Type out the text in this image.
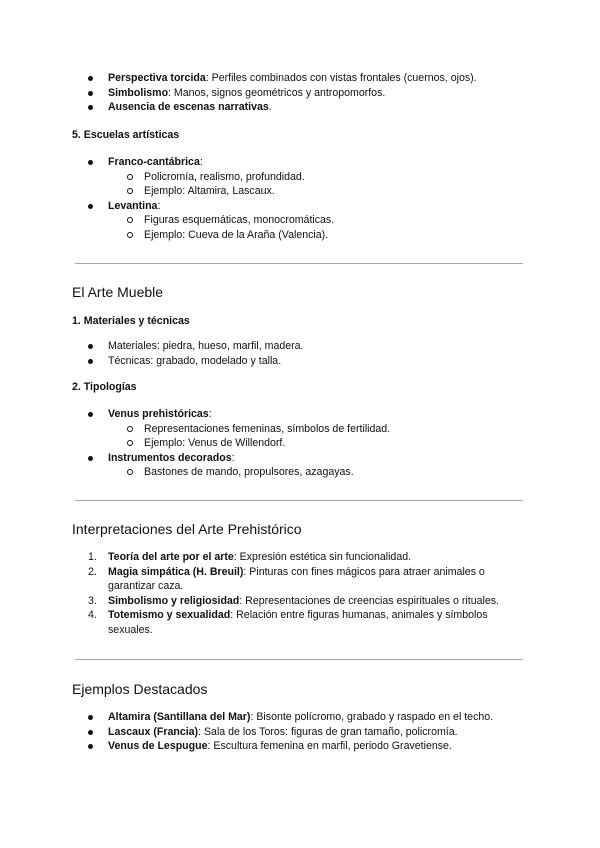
Perspectiva torcida: Perfiles combinados con vistas frontales (cuernos, ojos).
Simbolismo: Manos, signos geométricos y antropomorfos.
Ausencia de escenas narrativas.
5. Escuelas artísticas
Franco-cantábrica:
Policromía, realismo, profundidad.
Ejemplo: Altamira, Lascaux.
Levantina:
Figuras esquemáticas, monocromáticas.
Ejemplo: Cueva de la Araña (Valencia).
El Arte Mueble
1. Materiales y técnicas
Materiales: piedra, hueso, marfil, madera.
Técnicas: grabado, modelado y talla.
2. Tipologías
Venus prehistóricas:
Representaciones femeninas, símbolos de fertilidad.
Ejemplo: Venus de Willendorf.
Instrumentos decorados:
Bastones de mando, propulsores, azagayas.
Interpretaciones del Arte Prehistórico
1. Teoría del arte por el arte: Expresión estética sin funcionalidad.
2. Magia simpática (H. Breuil): Pinturas con fines mágicos para atraer animales o garantizar caza.
3. Simbolismo y religiosidad: Representaciones de creencias espirituales o rituales.
4. Totemismo y sexualidad: Relación entre figuras humanas, animales y símbolos sexuales.
Ejemplos Destacados
Altamira (Santillana del Mar): Bisonte polícromo, grabado y raspado en el techo.
Lascaux (Francia): Sala de los Toros: figuras de gran tamaño, policromía.
Venus de Lespugue: Escultura femenina en marfil, periodo Gravetiense.
